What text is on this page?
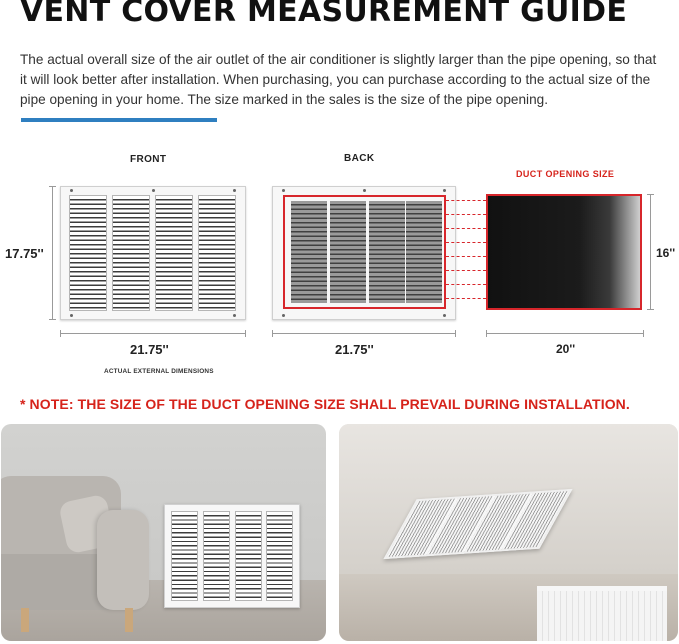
VENT COVER MEASUREMENT GUIDE

The actual overall size of the air outlet of the air conditioner is slightly larger than the pipe opening, so that it will look better after installation. When purchasing, you can purchase according to the actual size of the pipe opening in your home. The size marked in the sales is the size of the pipe opening.

FRONT
17.75''
21.75''
ACTUAL EXTERNAL DIMENSIONS
BACK
21.75''
DUCT OPENING SIZE
16''
20''
* NOTE: THE SIZE OF THE DUCT OPENING SIZE SHALL PREVAIL DURING INSTALLATION.
